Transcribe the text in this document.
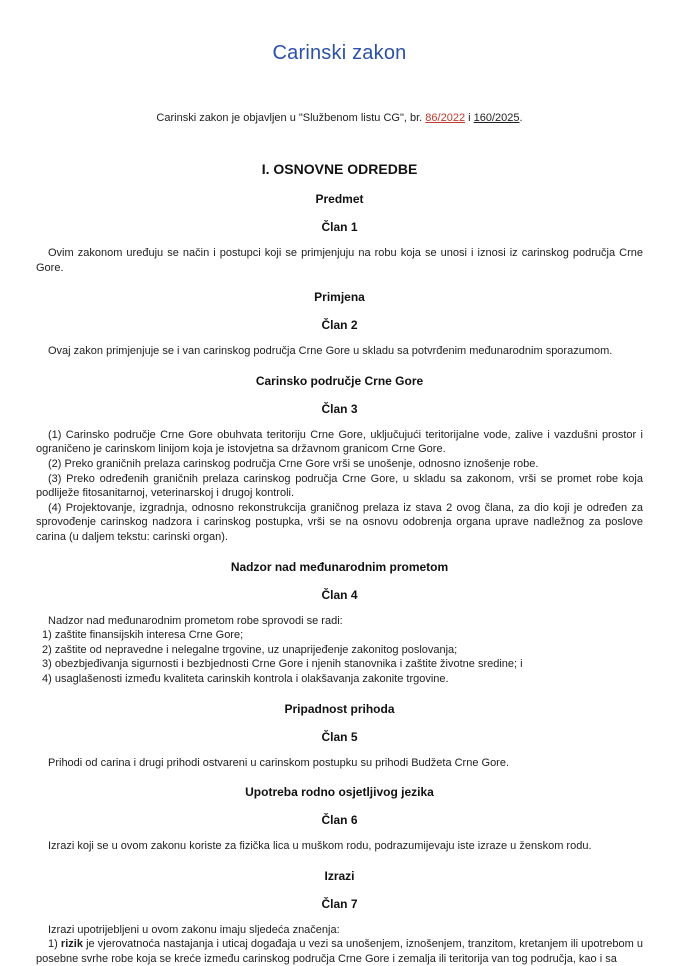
Carinski zakon

Carinski zakon je objavljen u "Službenom listu CG", br. 86/2022 i 160/2025.

I. OSNOVNE ODREDBE
Predmet
Član 1

Ovim zakonom uređuju se način i postupci koji se primjenjuju na robu koja se unosi i iznosi iz carinskog područja Crne Gore.

Primjena
Član 2

Ovaj zakon primjenjuje se i van carinskog područja Crne Gore u skladu sa potvrđenim međunarodnim sporazumom.

Carinsko područje Crne Gore
Član 3

(1) Carinsko područje Crne Gore obuhvata teritoriju Crne Gore, uključujući teritorijalne vode, zalive i vazdušni prostor i ograničeno je carinskom linijom koja je istovjetna sa državnom granicom Crne Gore.

(2) Preko graničnih prelaza carinskog područja Crne Gore vrši se unošenje, odnosno iznošenje robe.

(3) Preko određenih graničnih prelaza carinskog područja Crne Gore, u skladu sa zakonom, vrši se promet robe koja podliježe fitosanitarnoj, veterinarskoj i drugoj kontroli.

(4) Projektovanje, izgradnja, odnosno rekonstrukcija graničnog prelaza iz stava 2 ovog člana, za dio koji je određen za sprovođenje carinskog nadzora i carinskog postupka, vrši se na osnovu odobrenja organa uprave nadležnog za poslove carina (u daljem tekstu: carinski organ).

Nadzor nad međunarodnim prometom
Član 4

Nadzor nad međunarodnim prometom robe sprovodi se radi:

1) zaštite finansijskih interesa Crne Gore;

2) zaštite od nepravedne i nelegalne trgovine, uz unaprijeđenje zakonitog poslovanja;

3) obezbjeđivanja sigurnosti i bezbjednosti Crne Gore i njenih stanovnika i zaštite životne sredine; i

4) usaglašenosti između kvaliteta carinskih kontrola i olakšavanja zakonite trgovine.

Pripadnost prihoda
Član 5

Prihodi od carina i drugi prihodi ostvareni u carinskom postupku su prihodi Budžeta Crne Gore.

Upotreba rodno osjetljivog jezika
Član 6

Izrazi koji se u ovom zakonu koriste za fizička lica u muškom rodu, podrazumijevaju iste izraze u ženskom rodu.

Izrazi
Član 7

Izrazi upotrijebljeni u ovom zakonu imaju sljedeća značenja:

1) rizik je vjerovatnoća nastajanja i uticaj događaja u vezi sa unošenjem, iznošenjem, tranzitom, kretanjem ili upotrebom u posebne svrhe robe koja se kreće između carinskog područja Crne Gore i zemalja ili teritorija van tog područja, kao i sa
